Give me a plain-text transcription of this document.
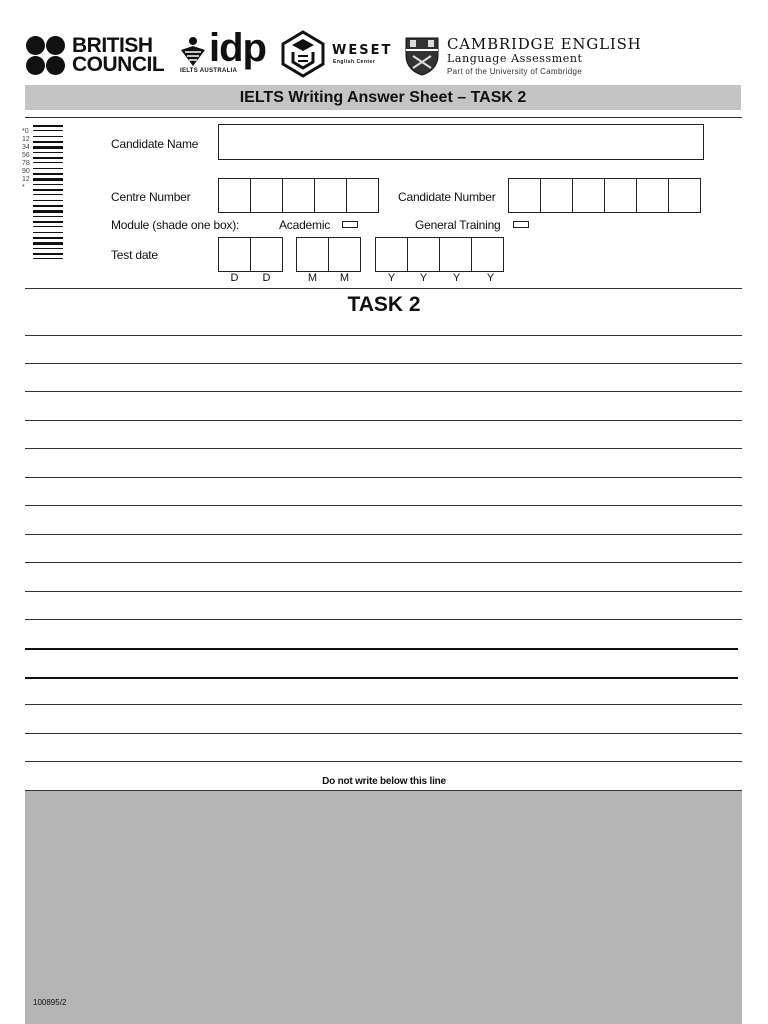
BRITISH
COUNCIL idp
IELTS AUSTRALIA
WESET
English Center
CAMBRIDGE ENGLISH
Language Assessment
Part of the University of Cambridge
IELTS Writing Answer Sheet – TASK 2
*0123456789012*
Candidate Name
Centre Number	Candidate Number
Module (shade one box):	Academic	General Training
Test date
D	D	M	M	Y	Y	Y	Y
TASK 2
Do not write below this line
100895/2
